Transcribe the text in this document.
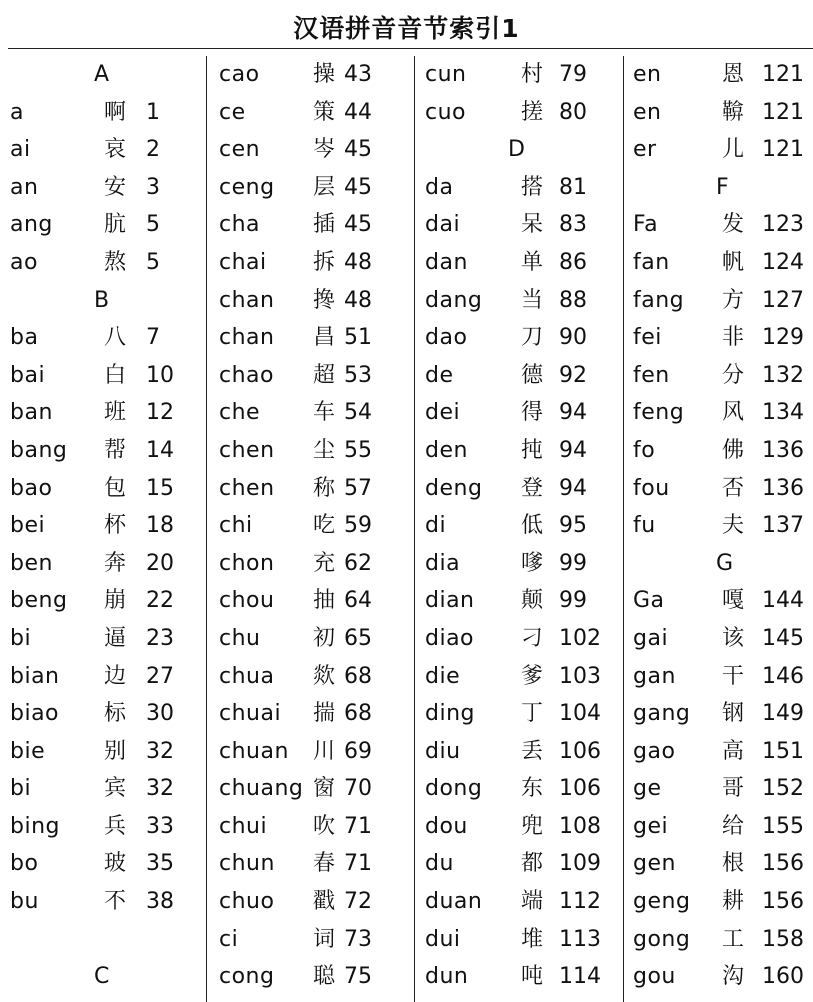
汉语拼音音节索引1
A
a	啊 1
ai	哀 2
an	安 3
ang 肮 5
ao	熬 5
B
ba	八 7
bai	白 10
ban 班 12
bang 帮 14
bao 包 15
bei	杯 18
ben 奔 20
beng 崩 22
bi	逼 23
bian 边 27
biao 标 30
bie	别 32
bi	宾 32
bing 兵 33
bo	玻 35
bu	不 38
C
cao 操 43
ce	策 44
cen 岑 45
ceng 层 45
cha 插 45
chai 拆 48
chan 搀 48
chan 昌 51
chao 超 53
che 车 54
chen 尘 55
chen 称 57
chi	吃 59
chon 充 62
chou 抽 64
chu 初 65
chua 欻 68
chuai 揣 68
chuan 川 69
chuang 窗 70
chui 吹 71
chun 春 71
chuo 戳 72
ci	词 73
cong 聪 75
cun 村 79
cuo	搓 80
D
da	搭 81
dai	呆 83
dan 单 86
dang 当 88
dao 刀 90
de	德 92
dei	得 94
den 扽 94
deng 登 94
di	低 95
dia	嗲 99
dian 颠 99
diao 刁 102
die	爹 103
ding 丁 104
diu	丢 106
dong 东 106
dou 兜 108
du	都 109
duan 端 112
dui	堆 113
dun 吨 114
en	恩 121
en	鞥 121
er	儿 121
F
Fa	发 123
fan 帆 124
fang 方 127
fei	非 129
fen 分 132
feng 风 134
fo	佛 136
fou 否 136
fu	夫 137
G
Ga	嘎 144
gai 该 145
gan 干 146
gang 钢 149
gao 高 151
ge	哥 152
gei 给 155
gen 根 156
geng 耕 156
gong 工 158
gou 沟 160
